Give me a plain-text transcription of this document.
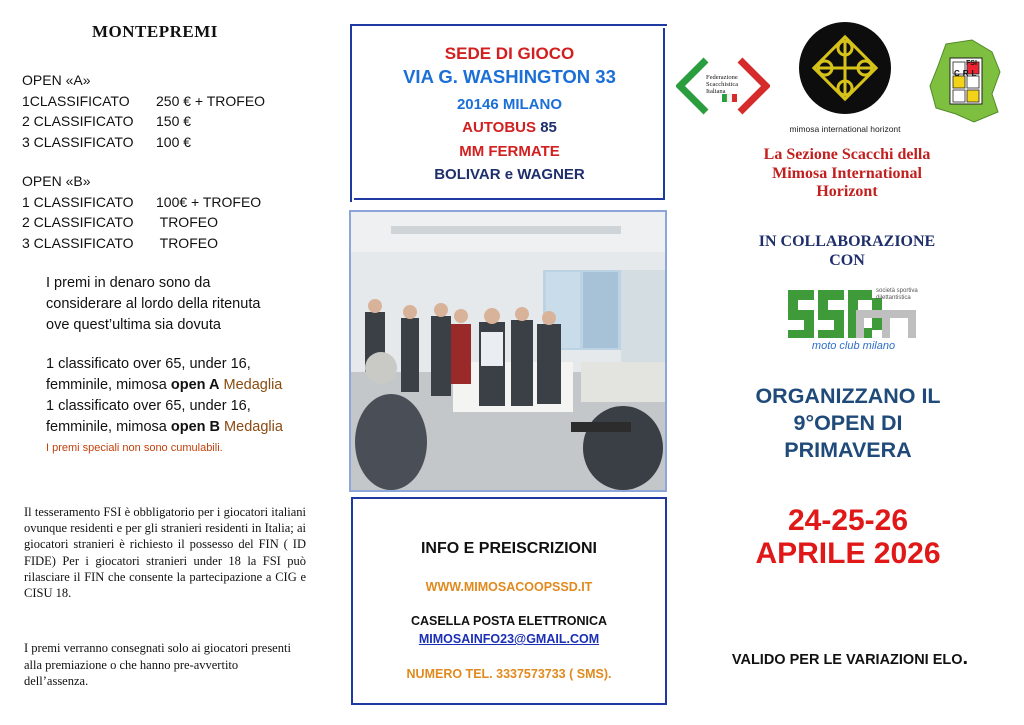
MONTEPREMI
OPEN «A»
1CLASSIFICATO	250 € + TROFEO
2 CLASSIFICATO	150 €
3 CLASSIFICATO	100 €
OPEN «B»
1 CLASSIFICATO	100€ + TROFEO
2 CLASSIFICATO	TROFEO
3 CLASSIFICATO	TROFEO
I premi in denaro sono da
considerare al lordo della ritenuta
ove quest’ultima sia dovuta
1 classificato over 65, under 16,
femminile, mimosa open A Medaglia
1 classificato over 65, under 16,
femminile, mimosa open B Medaglia
I premi speciali non sono cumulabili.
Il tesseramento FSI è obbligatorio per i giocatori italiani ovunque residenti e per gli stranieri residenti in Italia; ai giocatori stranieri è richiesto il possesso del FIN ( ID FIDE) Per i giocatori stranieri under 18 la FSI può rilasciare il FIN che consente la partecipazione a CIG e CISU 18.
I premi verranno consegnati solo ai giocatori presenti alla premiazione o che hanno pre-avvertito dell’assenza.
SEDE DI GIOCO
VIA G. WASHINGTON 33
20146 MILANO
AUTOBUS 85
MM FERMATE
BOLIVAR e WAGNER
INFO E PREISCRIZIONI
WWW.MIMOSACOOPSSD.IT
CASELLA POSTA ELETTRONICA
MIMOSAINFO23@GMAIL.COM
NUMERO TEL. 3337573733 ( SMS).
Federazione Scacchistica Italiana
mimosa international horizont
CRL
FSI
La Sezione Scacchi della
Mimosa International
Horizont
IN COLLABORAZIONE
CON
società sportiva dilettantistica
moto club milano
ORGANIZZANO IL
9°OPEN DI
PRIMAVERA
24-25-26
APRILE 2026
VALIDO PER LE VARIAZIONI ELO.
